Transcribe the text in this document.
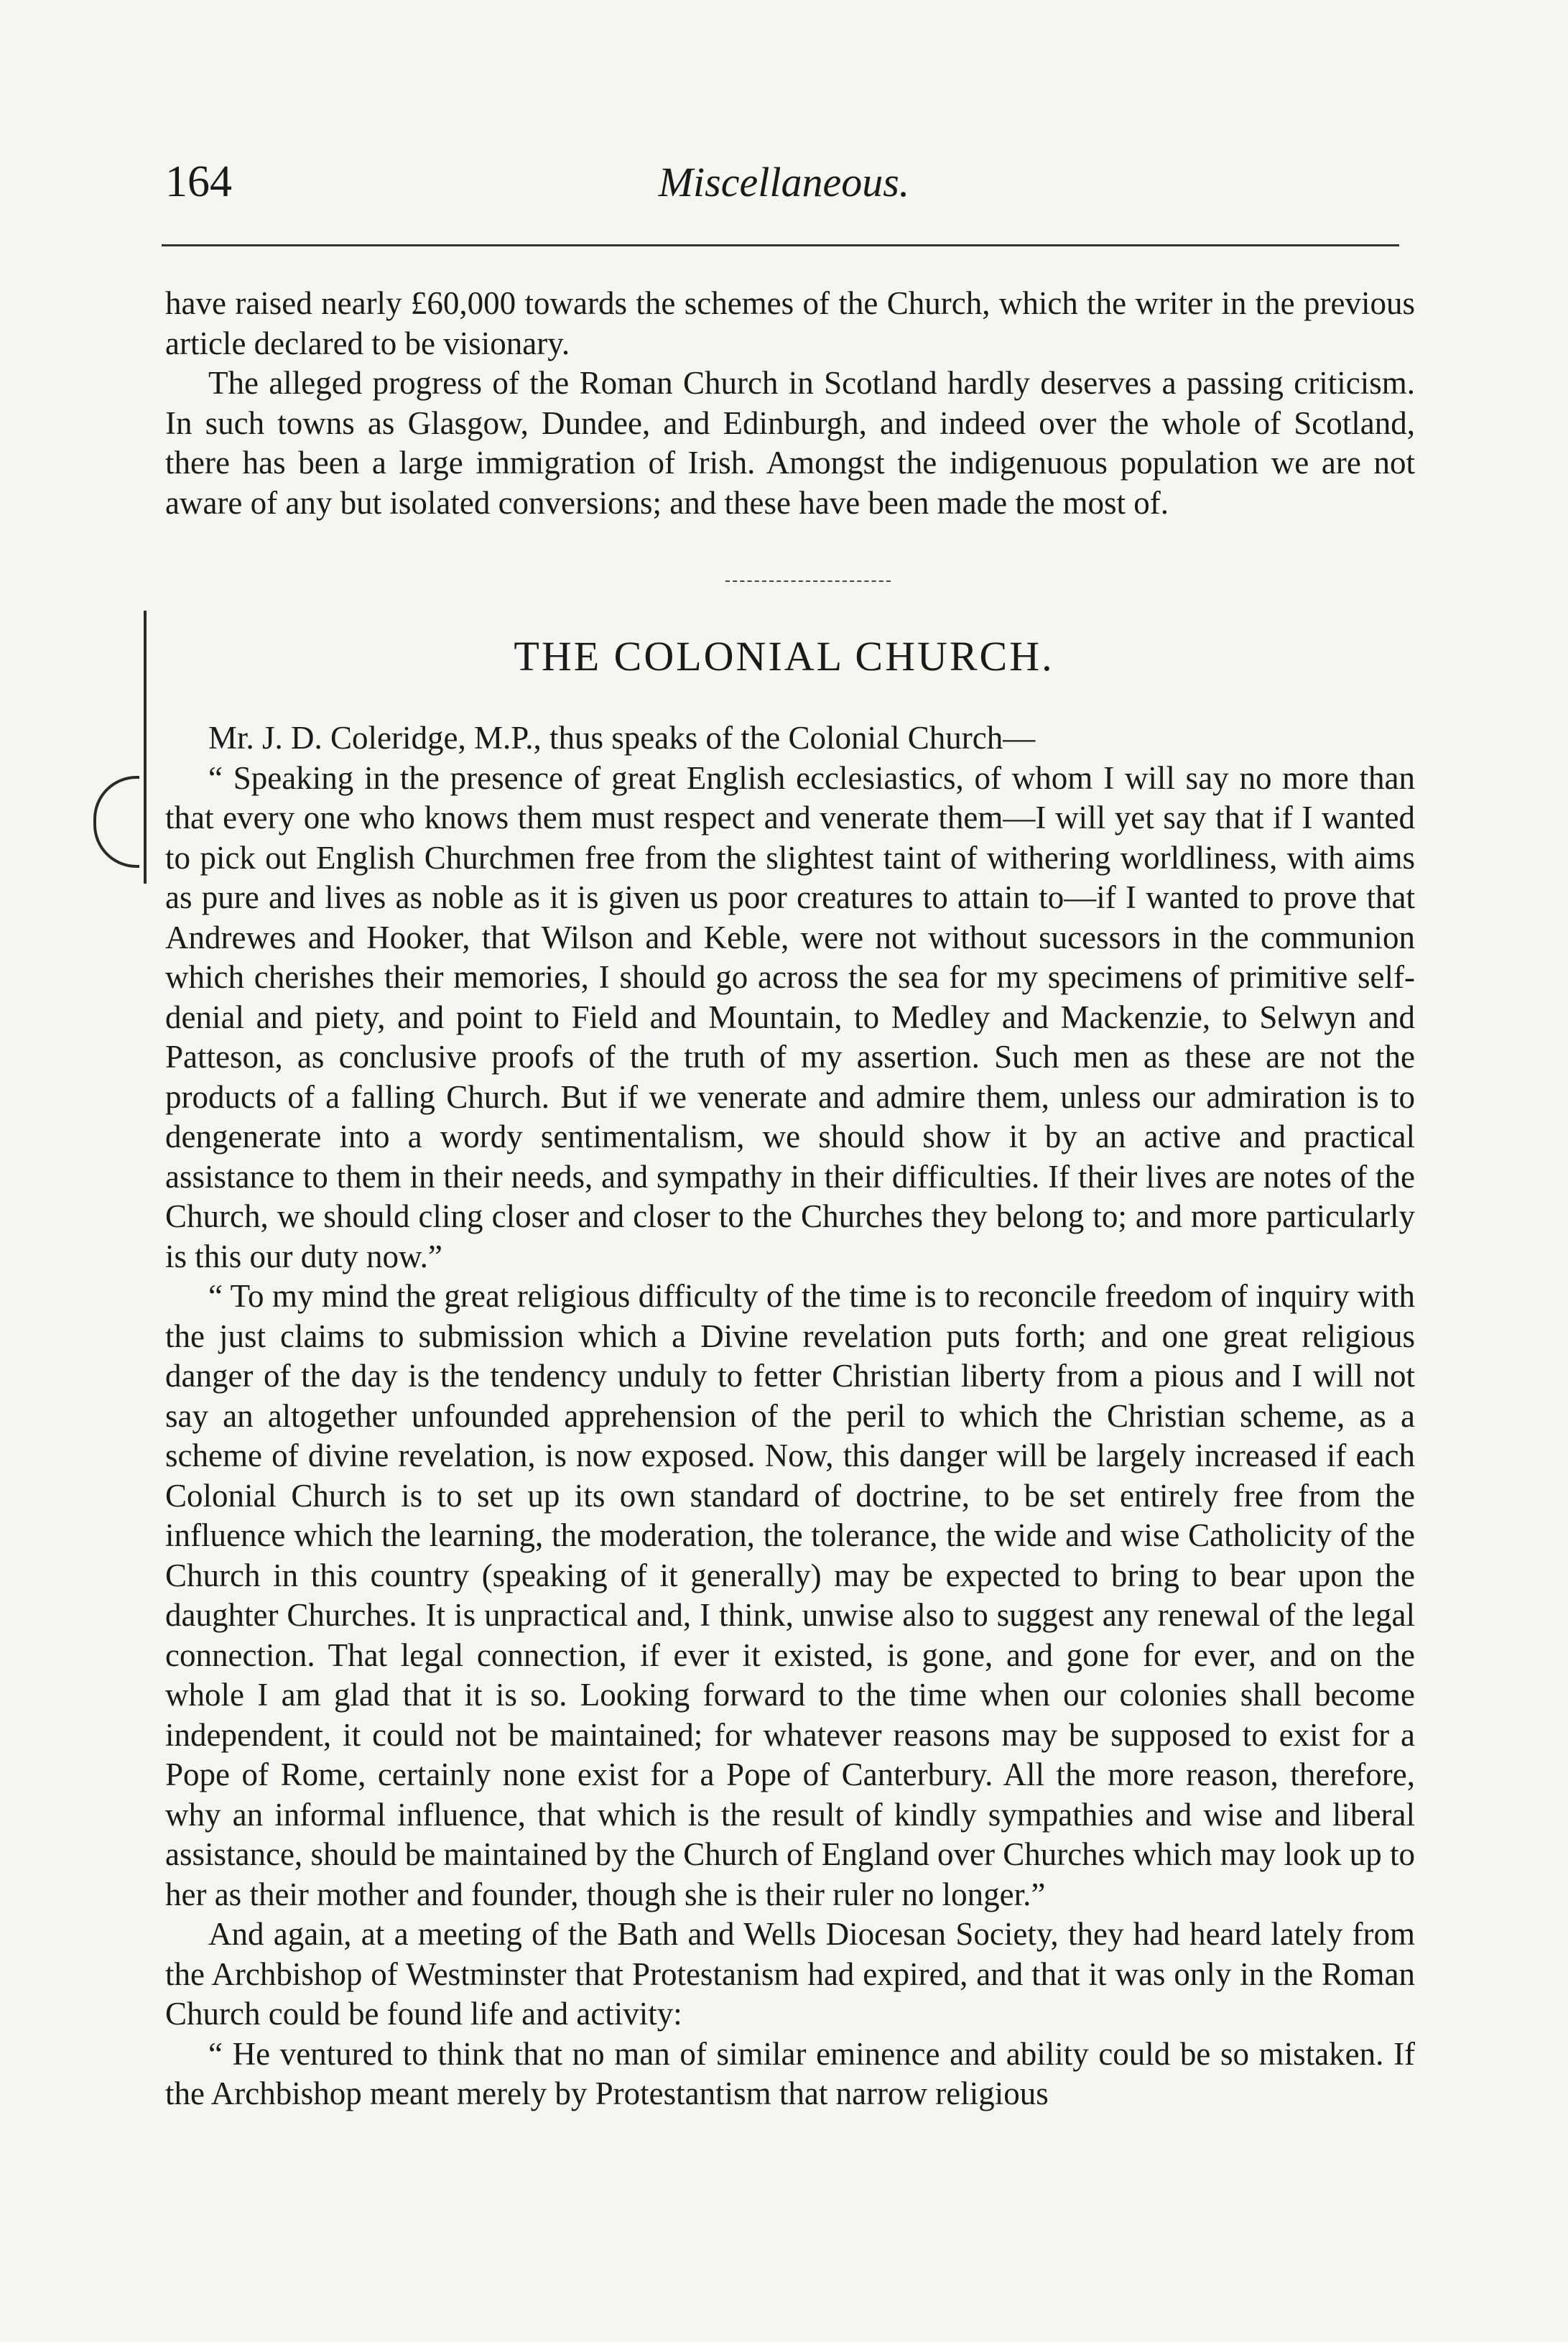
164	Miscellaneous.

have raised nearly £60,000 towards the schemes of the Church, which the writer in the previous article declared to be visionary.

The alleged progress of the Roman Church in Scotland hardly deserves a passing criticism. In such towns as Glasgow, Dundee, and Edinburgh, and indeed over the whole of Scotland, there has been a large immigration of Irish. Amongst the indigenuous population we are not aware of any but isolated conversions; and these have been made the most of.

THE COLONIAL CHURCH.

Mr. J. D. Coleridge, M.P., thus speaks of the Colonial Church—

“ Speaking in the presence of great English ecclesiastics, of whom I will say no more than that every one who knows them must respect and venerate them—I will yet say that if I wanted to pick out English Churchmen free from the slightest taint of withering worldliness, with aims as pure and lives as noble as it is given us poor creatures to attain to—if I wanted to prove that Andrewes and Hooker, that Wilson and Keble, were not without sucessors in the communion which cherishes their memories, I should go across the sea for my specimens of primitive self-denial and piety, and point to Field and Mountain, to Medley and Mackenzie, to Selwyn and Patteson, as conclusive proofs of the truth of my assertion. Such men as these are not the products of a falling Church. But if we venerate and admire them, unless our admiration is to dengenerate into a wordy sentimentalism, we should show it by an active and practical assistance to them in their needs, and sympathy in their difficulties. If their lives are notes of the Church, we should cling closer and closer to the Churches they belong to; and more particularly is this our duty now.”

“ To my mind the great religious difficulty of the time is to reconcile freedom of inquiry with the just claims to submission which a Divine revelation puts forth; and one great religious danger of the day is the tendency unduly to fetter Christian liberty from a pious and I will not say an altogether unfounded apprehension of the peril to which the Christian scheme, as a scheme of divine revelation, is now exposed. Now, this danger will be largely increased if each Colonial Church is to set up its own standard of doctrine, to be set entirely free from the influence which the learning, the moderation, the tolerance, the wide and wise Catholicity of the Church in this country (speaking of it generally) may be expected to bring to bear upon the daughter Churches. It is unpractical and, I think, unwise also to suggest any renewal of the legal connection. That legal connection, if ever it existed, is gone, and gone for ever, and on the whole I am glad that it is so. Looking forward to the time when our colonies shall become independent, it could not be maintained; for whatever reasons may be supposed to exist for a Pope of Rome, certainly none exist for a Pope of Canterbury. All the more reason, therefore, why an informal influence, that which is the result of kindly sympathies and wise and liberal assistance, should be maintained by the Church of England over Churches which may look up to her as their mother and founder, though she is their ruler no longer.”

And again, at a meeting of the Bath and Wells Diocesan Society, they had heard lately from the Archbishop of Westminster that Protestanism had expired, and that it was only in the Roman Church could be found life and activity:

“ He ventured to think that no man of similar eminence and ability could be so mistaken. If the Archbishop meant merely by Protestantism that narrow religious
